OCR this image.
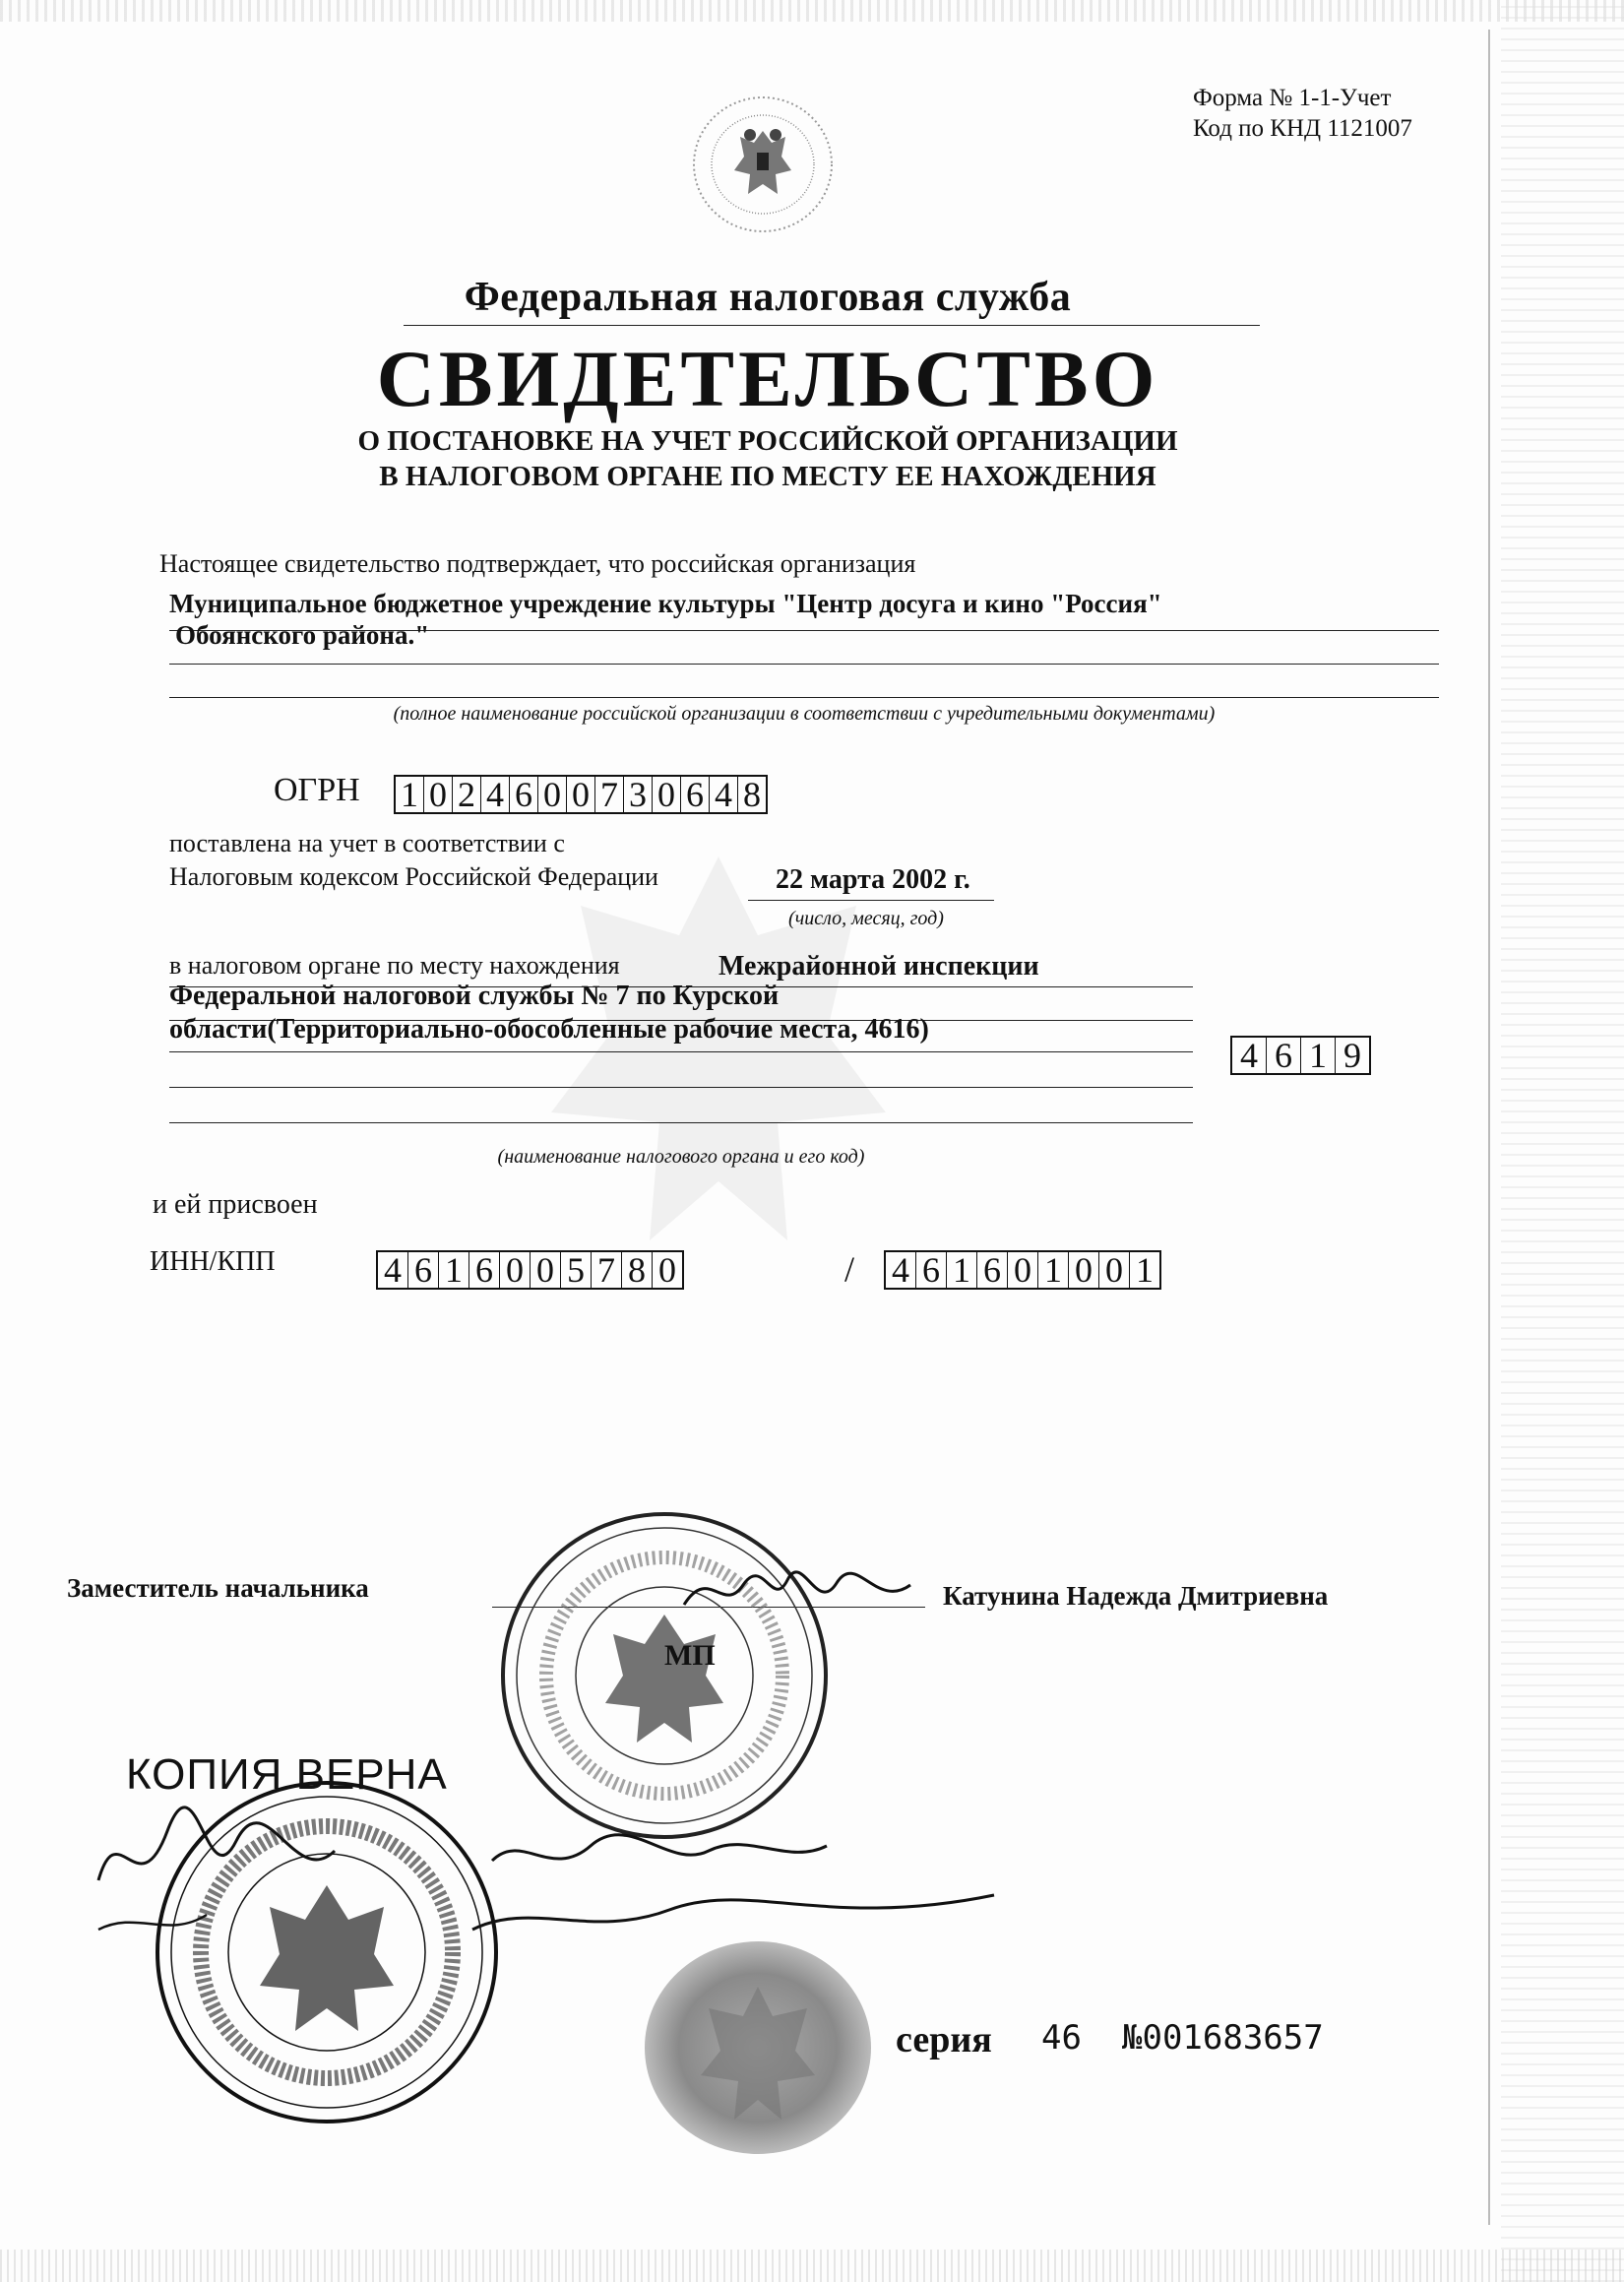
Форма № 1-1-Учет
Код по КНД 1121007
Федеральная налоговая служба
СВИДЕТЕЛЬСТВО
О ПОСТАНОВКЕ НА УЧЕТ РОССИЙСКОЙ ОРГАНИЗАЦИИ
В НАЛОГОВОМ ОРГАНЕ ПО МЕСТУ ЕЕ НАХОЖДЕНИЯ
Настоящее свидетельство подтверждает, что российская организация
Муниципальное бюджетное учреждение культуры "Центр досуга и кино "Россия"
Обоянского района."
(полное наименование российской организации в соответствии с учредительными документами)
ОГРН 1 0 2 4 6 0 0 7 3 0 6 4 8
поставлена на учет в соответствии с
Налоговым кодексом Российской Федерации	22 марта 2002 г.
(число, месяц, год)
в налоговом органе по месту нахождения	Межрайонной инспекции
Федеральной налоговой службы № 7 по Курской
области(Территориально-обособленные рабочие места, 4616)
4 6 1 9
(наименование налогового органа и его код)
и ей присвоен
ИНН/КПП	4 6 1 6 0 0 5 7 8 0	/ 4 6 1 6 0 1 0 0 1
Заместитель начальника	Катунина Надежда Дмитриевна
МП
КОПИЯ ВЕРНА
серия 46 №001683657
